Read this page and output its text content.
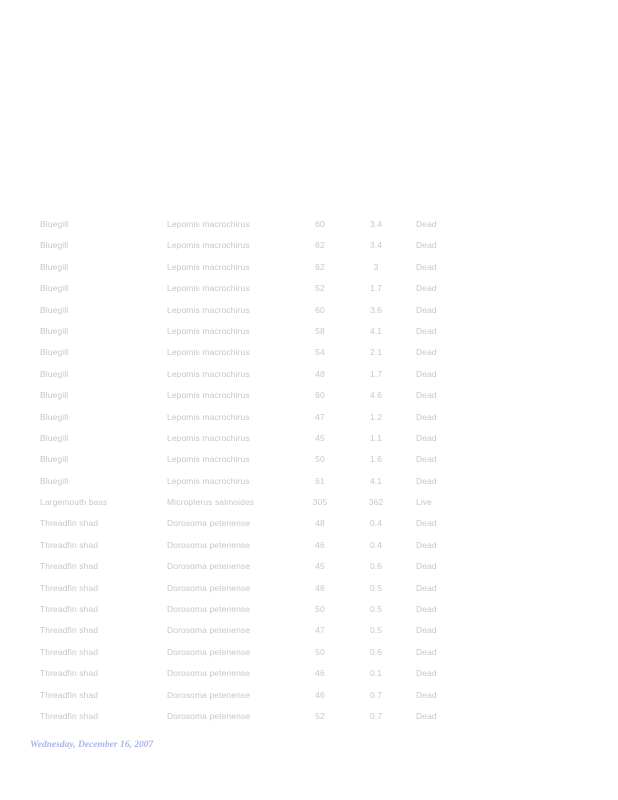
Bluegill	Lepomis macrochirus	60	3.4	Dead
Bluegill	Lepomis macrochirus	62	3.4	Dead
Bluegill	Lepomis macrochirus	62	3	Dead
Bluegill	Lepomis macrochirus	52	1.7	Dead
Bluegill	Lepomis macrochirus	60	3.6	Dead
Bluegill	Lepomis macrochirus	58	4.1	Dead
Bluegill	Lepomis macrochirus	54	2.1	Dead
Bluegill	Lepomis macrochirus	48	1.7	Dead
Bluegill	Lepomis macrochirus	60	4.6	Dead
Bluegill	Lepomis macrochirus	47	1.2	Dead
Bluegill	Lepomis macrochirus	45	1.1	Dead
Bluegill	Lepomis macrochirus	50	1.6	Dead
Bluegill	Lepomis macrochirus	61	4.1	Dead
Largemouth bass	Micropterus salmoides	305	362	Live
Threadfin shad	Dorosoma petenense	48	0.4	Dead
Threadfin shad	Dorosoma petenense	46	0.4	Dead
Threadfin shad	Dorosoma petenense	45	0.6	Dead
Threadfin shad	Dorosoma petenense	46	0.5	Dead
Threadfin shad	Dorosoma petenense	50	0.5	Dead
Threadfin shad	Dorosoma petenense	47	0.5	Dead
Threadfin shad	Dorosoma petenense	50	0.6	Dead
Threadfin shad	Dorosoma petenense	46	0.1	Dead
Threadfin shad	Dorosoma petenense	46	0.7	Dead
Threadfin shad	Dorosoma petenense	52	0.7	Dead
Wednesday, December 16, 2007
